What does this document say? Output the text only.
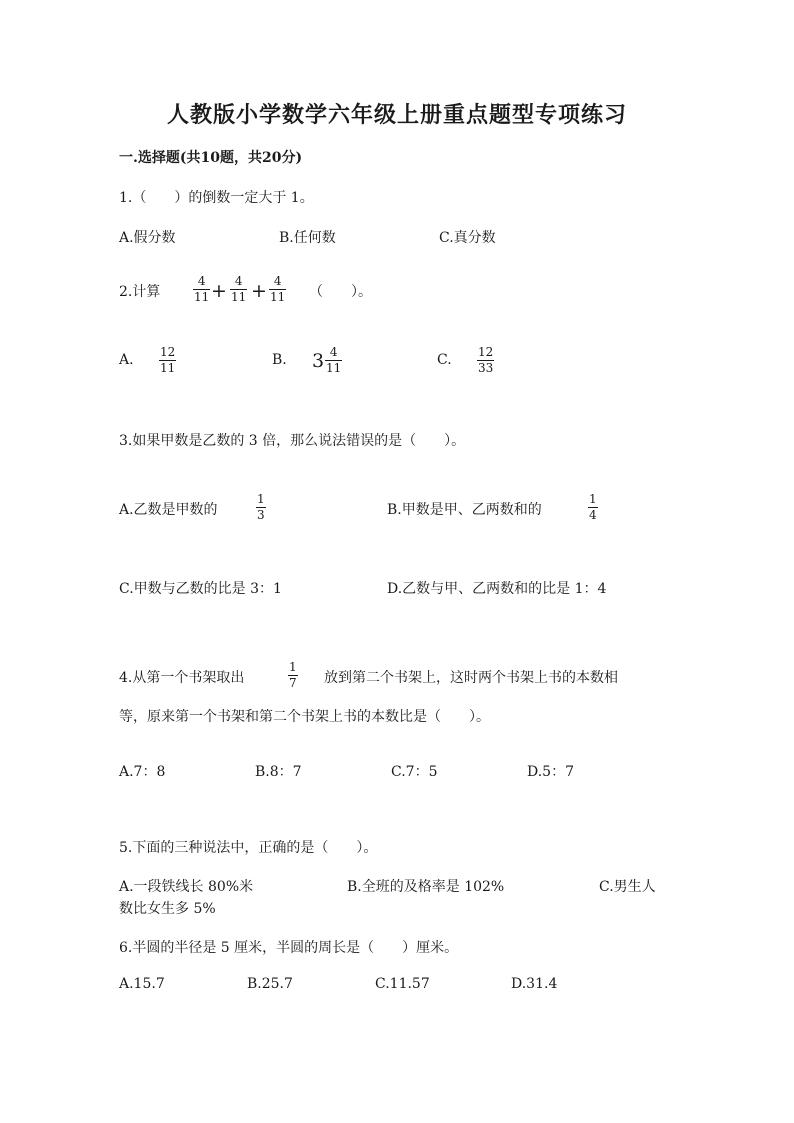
人教版小学数学六年级上册重点题型专项练习
一.选择题(共10题，共20分)
1.（　　）的倒数一定大于 1。
A.假分数	B.任何数	C.真分数
2.计算
4
11 + 4
11 + 4
11 （　　）。
A. 12
11	B. 3 4
11	C. 12
33
3.如果甲数是乙数的 3 倍，那么说法错误的是（　　）。
A.乙数是甲数的
1
3	B.甲数是甲、乙两数和的
1
4
C.甲数与乙数的比是 3：1	D.乙数与甲、乙两数和的比是 1：4
4.从第一个书架取出
1
7 放到第二个书架上，这时两个书架上书的本数相
等，原来第一个书架和第二个书架上书的本数比是（　　）。
A.7：8	B.8：7	C.7：5	D.5：7
5.下面的三种说法中，正确的是（　　）。
A.一段铁线长 80%米	B.全班的及格率是 102%	C.男生人
数比女生多 5%
6.半圆的半径是 5 厘米，半圆的周长是（　　）厘米。
A.15.7	B.25.7	C.11.57	D.31.4
